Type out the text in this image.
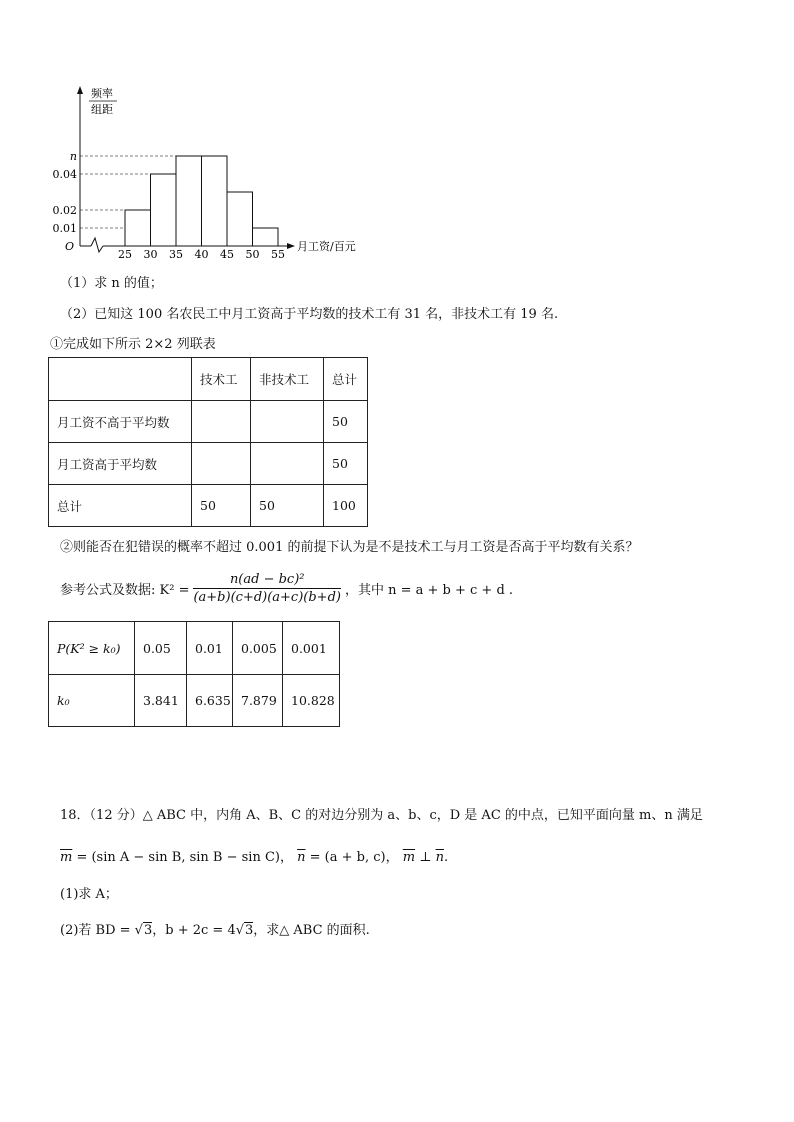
0.01
0.02
0.04
n
25 30 35 40 45 50 55
频率
组距
O	月工资/百元
（1）求 n 的值；
（2）已知这 100 名农民工中月工资高于平均数的技术工有 31 名，非技术工有 19 名.
①完成如下所示 2×2 列联表
	技术工	非技术工	总计
月工资不高于平均数			50
月工资高于平均数			50
总计	50	50	100
②则能否在犯错误的概率不超过 0.001 的前提下认为是不是技术工与月工资是否高于平均数有关系？
参考公式及数据: $K^2 = \frac{\text{n(ad − bc)²}}{(a+b)(c+d)(a+c)(b+d)}$ ，其中 n = a + b + c + d .
P(K² ≥ k₀)	0.05	0.01	0.005	0.001
k₀	3.841	6.635	7.879	10.828
18．（12 分）△ ABC 中，内角 A、B、C 的对边分别为 a、b、c，D 是 AC 的中点，已知平面向量 m、n 满足
$\overline{m} = (\sin$ A − sin B, sin B − sin C)， $\overline{n} = (a + b$, c)， $\overline{m}$ ⊥ $\overline{n}$.
(1)求 A；
(2)若 BD = √3，b + 2c = 4√3，求△ ABC 的面积.
